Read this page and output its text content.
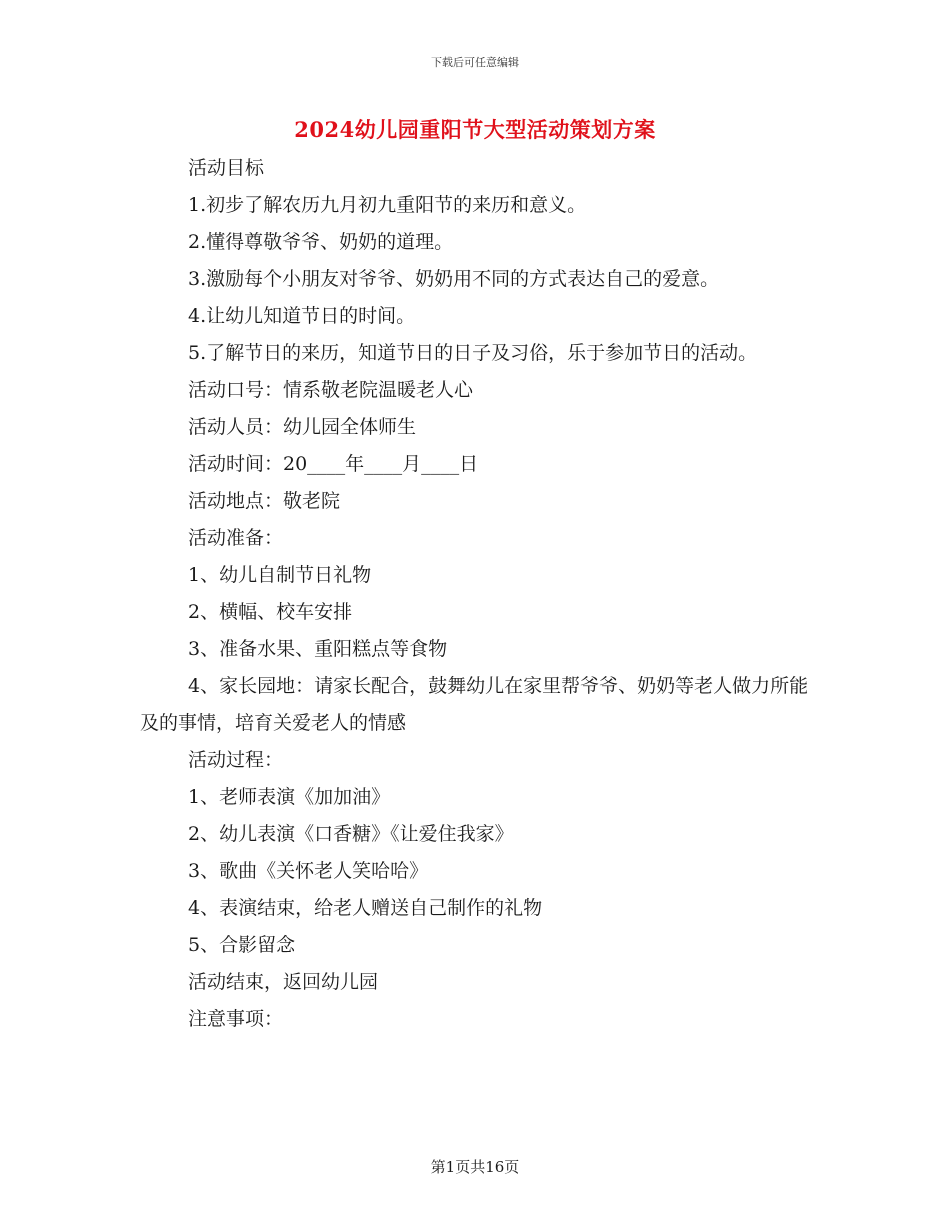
下载后可任意编辑
2024幼儿园重阳节大型活动策划方案

活动目标

1.初步了解农历九月初九重阳节的来历和意义。

2.懂得尊敬爷爷、奶奶的道理。

3.激励每个小朋友对爷爷、奶奶用不同的方式表达自己的爱意。

4.让幼儿知道节日的时间。

5.了解节日的来历，知道节日的日子及习俗，乐于参加节日的活动。

活动口号：情系敬老院温暖老人心

活动人员：幼儿园全体师生

活动时间：20____年____月____日

活动地点：敬老院

活动准备：

1、幼儿自制节日礼物

2、横幅、校车安排

3、准备水果、重阳糕点等食物

4、家长园地：请家长配合，鼓舞幼儿在家里帮爷爷、奶奶等老人做力所能及的事情，培育关爱老人的情感

活动过程：

1、老师表演《加加油》

2、幼儿表演《口香糖》《让爱住我家》

3、歌曲《关怀老人笑哈哈》

4、表演结束，给老人赠送自己制作的礼物

5、合影留念

活动结束，返回幼儿园

注意事项：

第1页共16页
